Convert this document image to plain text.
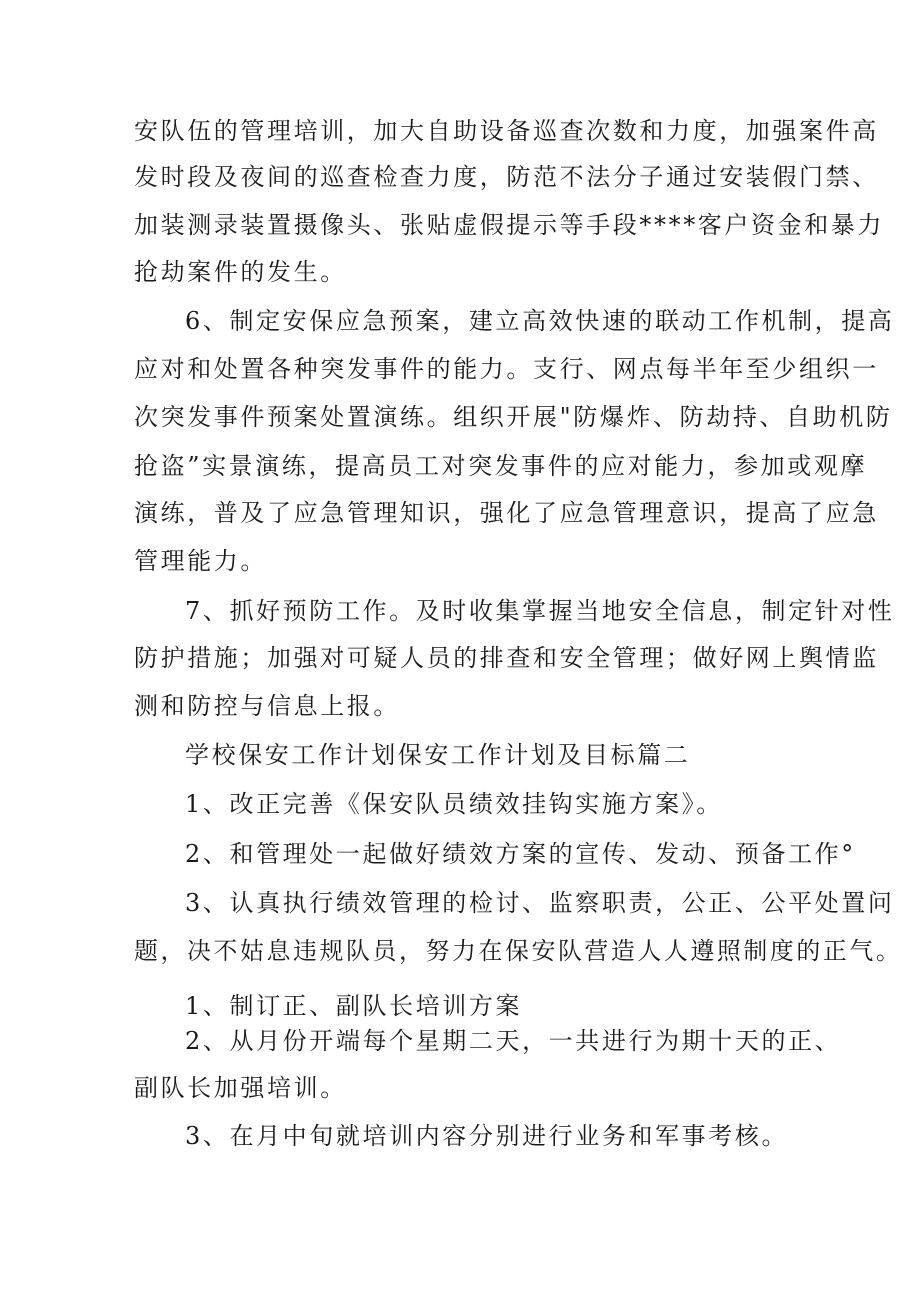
安队伍的管理培训，加大自助设备巡查次数和力度，加强案件高
发时段及夜间的巡查检查力度，防范不法分子通过安装假门禁、
加装测录装置摄像头、张贴虚假提示等手段****客户资金和暴力
抢劫案件的发生。
6、制定安保应急预案，建立高效快速的联动工作机制，提高
应对和处置各种突发事件的能力。支行、网点每半年至少组织一
次突发事件预案处置演练。组织开展"防爆炸、防劫持、自助机防
抢盗”实景演练，提高员工对突发事件的应对能力，参加或观摩
演练，普及了应急管理知识，强化了应急管理意识，提高了应急
管理能力。
7、抓好预防工作。及时收集掌握当地安全信息，制定针对性
防护措施；加强对可疑人员的排查和安全管理；做好网上舆情监
测和防控与信息上报。
学校保安工作计划保安工作计划及目标篇二
1、改正完善《保安队员绩效挂钩实施方案》。
2、和管理处一起做好绩效方案的宣传、发动、预备工作°
3、认真执行绩效管理的检讨、监察职责，公正、公平处置问
题，决不姑息违规队员，努力在保安队营造人人遵照制度的正气。
1、制订正、副队长培训方案
2、从月份开端每个星期二天，一共进行为期十天的正、
副队长加强培训。
3、在月中旬就培训内容分别进行业务和军事考核。
